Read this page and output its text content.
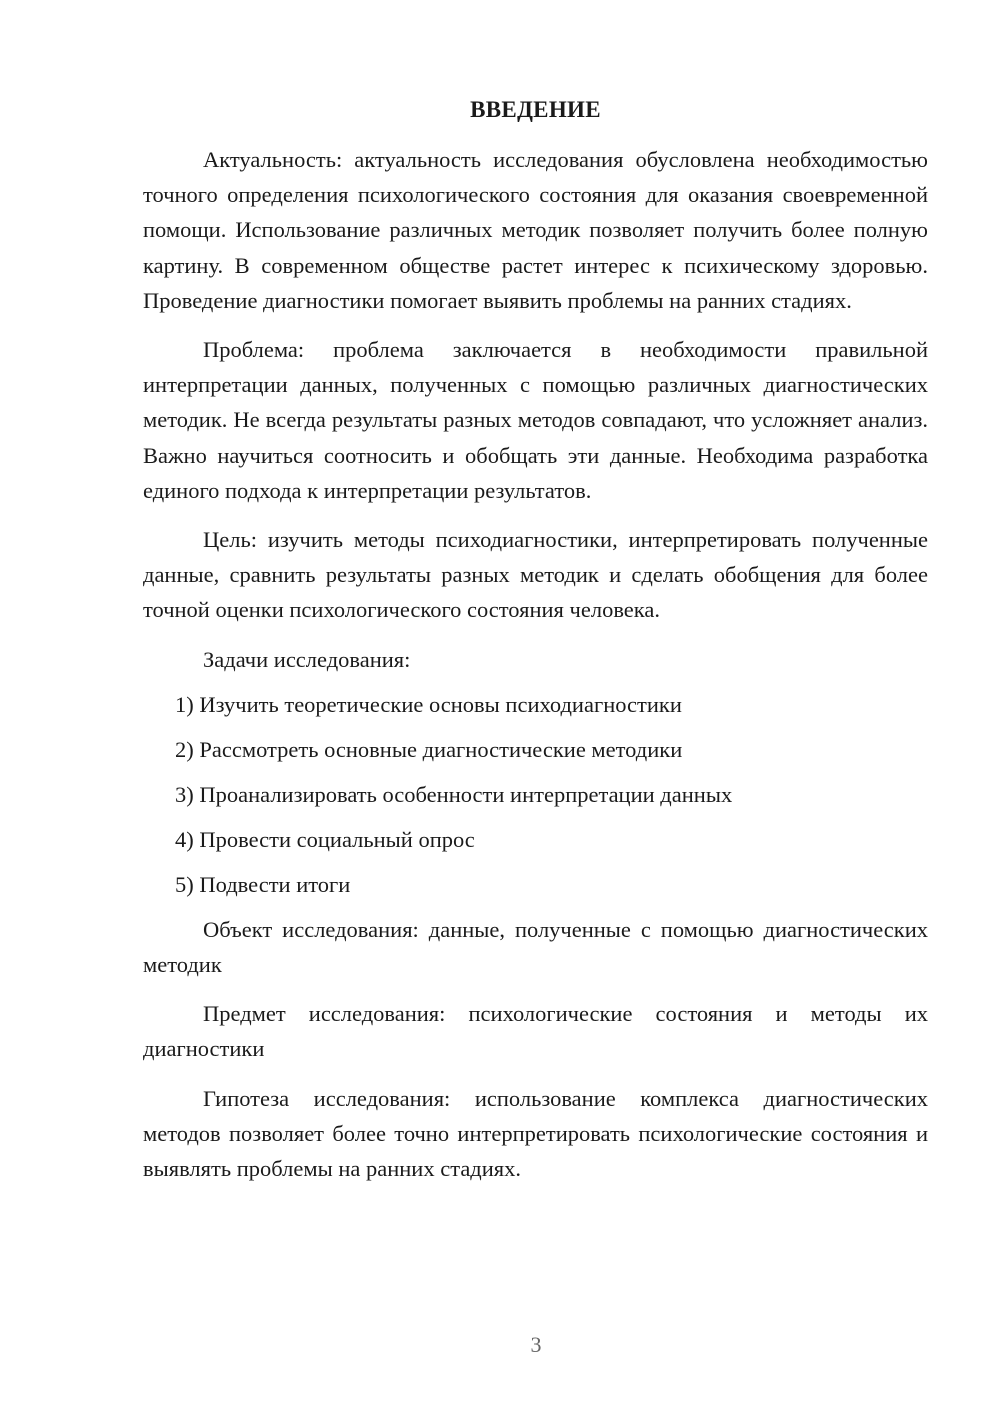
ВВЕДЕНИЕ

Актуальность: актуальность исследования обусловлена необходимостью точного определения психологического состояния для оказания своевременной помощи. Использование различных методик позволяет получить более полную картину. В современном обществе растет интерес к психическому здоровью. Проведение диагностики помогает выявить проблемы на ранних стадиях.

Проблема: проблема заключается в необходимости правильной интерпретации данных, полученных с помощью различных диагностических методик. Не всегда результаты разных методов совпадают, что усложняет анализ. Важно научиться соотносить и обобщать эти данные. Необходима разработка единого подхода к интерпретации результатов.

Цель: изучить методы психодиагностики, интерпретировать полученные данные, сравнить результаты разных методик и сделать обобщения для более точной оценки психологического состояния человека.

Задачи исследования:

1) Изучить теоретические основы психодиагностики
2) Рассмотреть основные диагностические методики
3) Проанализировать особенности интерпретации данных
4) Провести социальный опрос
5) Подвести итоги

Объект исследования: данные, полученные с помощью диагностических методик

Предмет исследования: психологические состояния и методы их диагностики

Гипотеза исследования: использование комплекса диагностических методов позволяет более точно интерпретировать психологические состояния и выявлять проблемы на ранних стадиях.

3
